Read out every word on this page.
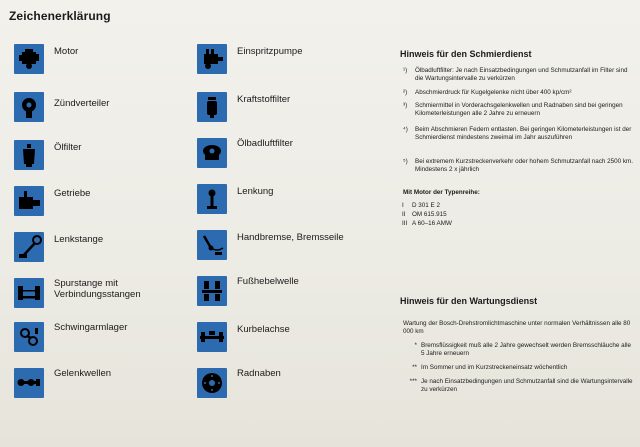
Zeichenerklärung
Motor
Zündverteiler
Ölfilter
Getriebe
Lenkstange
Spurstange mit
Verbindungsstangen
Schwingarmlager
Gelenkwellen
Einspritzpumpe
Kraftstoffilter
Ölbadluftfilter
Lenkung
Handbremse, Bremsseile
Fußhebelwelle
Kurbelachse
Radnaben
Hinweis für den Schmierdienst
¹)	Ölbadluftfilter: Je nach Einsatzbedingungen und Schmutzanfall im Filter sind die Wartungsintervalle zu verkürzen
²)	Abschmierdruck für Kugelgelenke nicht über 400 kp/cm²
³)	Schmiermittel in Vorderachsgelenkwellen und Radnaben sind bei geringen Kilometerleistungen alle 2 Jahre zu erneuern
⁴)	Beim Abschmieren Federn entlasten. Bei geringen Kilometerleistungen ist der Schmierdienst mindestens zweimal im Jahr auszuführen
⁵)	Bei extremem Kurzstreckenverkehr oder hohem Schmutzanfall nach 2500 km. Mindestens 2 x jährlich
Mit Motor der Typenreihe:
I D 301 E 2
II OM 615.915
III A 60–16 AMW
Hinweis für den Wartungsdienst
Wartung der Bosch-Drehstromlichtmaschine unter normalen Verhältnissen alle 80 000 km
* Bremsflüssigkeit muß alle 2 Jahre gewechselt werden Bremsschläuche alle 5 Jahre erneuern
** Im Sommer und im Kurzstreckeneinsatz wöchentlich
*** Je nach Einsatzbedingungen und Schmutzanfall sind die Wartungsintervalle zu verkürzen
